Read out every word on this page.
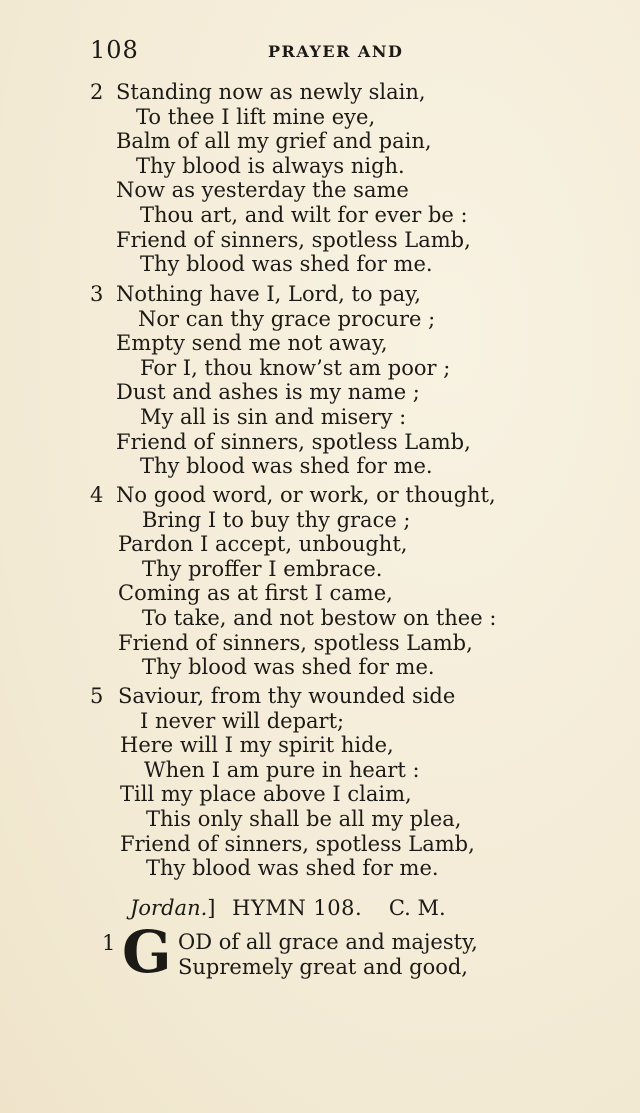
108	PRAYER AND
2 Standing now as newly slain,
To thee I lift mine eye,
Balm of all my grief and pain,
Thy blood is always nigh.
Now as yesterday the same
Thou art, and wilt for ever be :
Friend of sinners, spotless Lamb,
Thy blood was shed for me.
3 Nothing have I, Lord, to pay,
Nor can thy grace procure ;
Empty send me not away,
For I, thou know’st am poor ;
Dust and ashes is my name ;
My all is sin and misery :
Friend of sinners, spotless Lamb,
Thy blood was shed for me.
4 No good word, or work, or thought,
Bring I to buy thy grace ;
Pardon I accept, unbought,
Thy proffer I embrace.
Coming as at first I came,
To take, and not bestow on thee :
Friend of sinners, spotless Lamb,
Thy blood was shed for me.
5 Saviour, from thy wounded side
I never will depart;
Here will I my spirit hide,
When I am pure in heart :
Till my place above I claim,
This only shall be all my plea,
Friend of sinners, spotless Lamb,
Thy blood was shed for me.
Jordan.] HYMN 108. C. M.
1 G OD of all grace and majesty,
Supremely great and good,
